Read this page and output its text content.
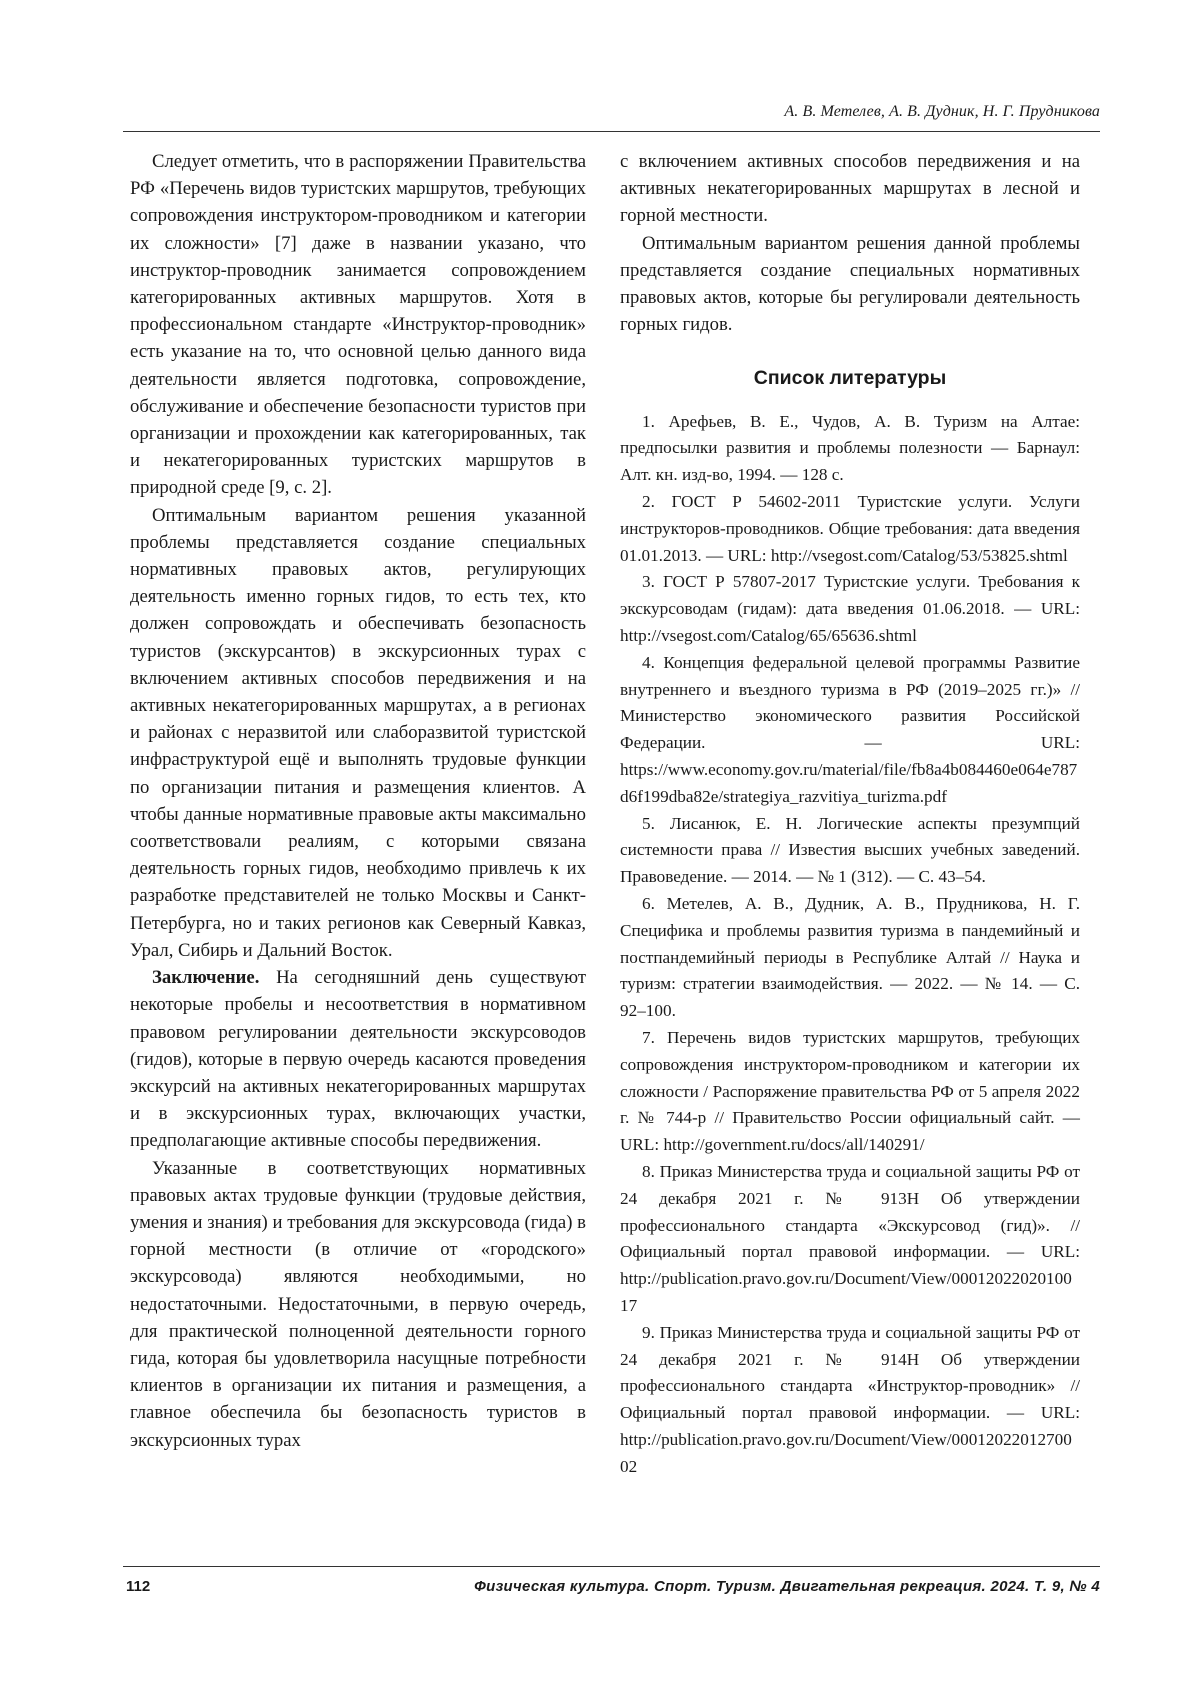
А. В. Метелев, А. В. Дудник, Н. Г. Прудникова

Следует отметить, что в распоряжении Правительства РФ «Перечень видов туристских маршрутов, требующих сопровождения инструктором-проводником и категории их сложности» [7] даже в названии указано, что инструктор-проводник занимается сопровождением категорированных активных маршрутов. Хотя в профессиональном стандарте «Инструктор-проводник» есть указание на то, что основной целью данного вида деятельности является подготовка, сопровождение, обслуживание и обеспечение безопасности туристов при организации и прохождении как категорированных, так и некатегорированных туристских маршрутов в природной среде [9, с. 2].

Оптимальным вариантом решения указанной проблемы представляется создание специальных нормативных правовых актов, регулирующих деятельность именно горных гидов, то есть тех, кто должен сопровождать и обеспечивать безопасность туристов (экскурсантов) в экскурсионных турах с включением активных способов передвижения и на активных некатегорированных маршрутах, а в регионах и районах с неразвитой или слаборазвитой туристской инфраструктурой ещё и выполнять трудовые функции по организации питания и размещения клиентов. А чтобы данные нормативные правовые акты максимально соответствовали реалиям, с которыми связана деятельность горных гидов, необходимо привлечь к их разработке представителей не только Москвы и Санкт-Петербурга, но и таких регионов как Северный Кавказ, Урал, Сибирь и Дальний Восток.

Заключение. На сегодняшний день существуют некоторые пробелы и несоответствия в нормативном правовом регулировании деятельности экскурсоводов (гидов), которые в первую очередь касаются проведения экскурсий на активных некатегорированных маршрутах и в экскурсионных турах, включающих участки, предполагающие активные способы передвижения.

Указанные в соответствующих нормативных правовых актах трудовые функции (трудовые действия, умения и знания) и требования для экскурсовода (гида) в горной местности (в отличие от «городского» экскурсовода) являются необходимыми, но недостаточными. Недостаточными, в первую очередь, для практической полноценной деятельности горного гида, которая бы удовлетворила насущные потребности клиентов в организации их питания и размещения, а главное обеспечила бы безопасность туристов в экскурсионных турах

с включением активных способов передвижения и на активных некатегорированных маршрутах в лесной и горной местности.

Оптимальным вариантом решения данной проблемы представляется создание специальных нормативных правовых актов, которые бы регулировали деятельность горных гидов.

Список литературы

1. Арефьев, В. Е., Чудов, А. В. Туризм на Алтае: предпосылки развития и проблемы полезности — Барнаул: Алт. кн. изд-во, 1994. — 128 с.

2. ГОСТ Р 54602-2011 Туристские услуги. Услуги инструкторов-проводников. Общие требования: дата введения 01.01.2013. — URL: http://vsegost.com/Catalog/53/53825.shtml

3. ГОСТ Р 57807-2017 Туристские услуги. Требования к экскурсоводам (гидам): дата введения 01.06.2018. — URL: http://vsegost.com/Catalog/65/65636.shtml

4. Концепция федеральной целевой программы Развитие внутреннего и въездного туризма в РФ (2019–2025 гг.)» // Министерство экономического развития Российской Федерации. — URL: https://www.economy.gov.ru/material/file/fb8a4b084460e064e787d6f199dba82e/strategiya_razvitiya_turizma.pdf

5. Лисанюк, Е. Н. Логические аспекты презумпций системности права // Известия высших учебных заведений. Правоведение. — 2014. — № 1 (312). — С. 43–54.

6. Метелев, А. В., Дудник, А. В., Прудникова, Н. Г. Специфика и проблемы развития туризма в пандемийный и постпандемийный периоды в Республике Алтай // Наука и туризм: стратегии взаимодействия. — 2022. — № 14. — С. 92–100.

7. Перечень видов туристских маршрутов, требующих сопровождения инструктором-проводником и категории их сложности / Распоряжение правительства РФ от 5 апреля 2022 г. № 744-р // Правительство России официальный сайт. — URL: http://government.ru/docs/all/140291/

8. Приказ Министерства труда и социальной защиты РФ от 24 декабря 2021 г. № 913Н Об утверждении профессионального стандарта «Экскурсовод (гид)». // Официальный портал правовой информации. — URL: http://publication.pravo.gov.ru/Document/View/0001202202010017

9. Приказ Министерства труда и социальной защиты РФ от 24 декабря 2021 г. № 914Н Об утверждении профессионального стандарта «Инструктор-проводник» // Официальный портал правовой информации. — URL: http://publication.pravo.gov.ru/Document/View/0001202201270002

112	Физическая культура. Спорт. Туризм. Двигательная рекреация. 2024. Т. 9, № 4
